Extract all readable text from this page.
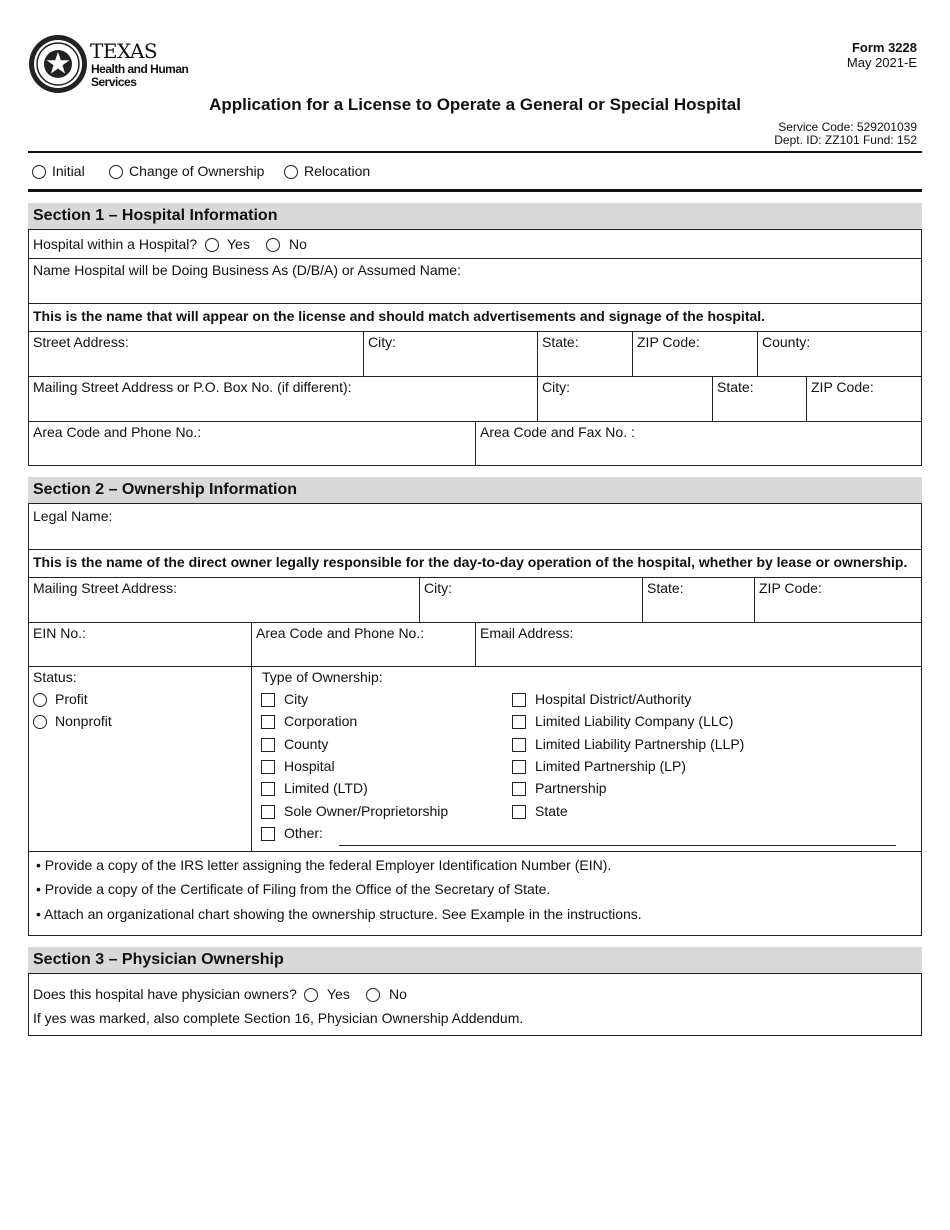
TEXAS
Health and Human
Services
Form 3228
May 2021-E
Application for a License to Operate a General or Special Hospital
Service Code: 529201039
Dept. ID: ZZ101 Fund: 152
Initial	Change of Ownership	Relocation
Section 1 – Hospital Information
Hospital within a Hospital? Yes	No
Name Hospital will be Doing Business As (D/B/A) or Assumed Name:
This is the name that will appear on the license and should match advertisements and signage of the hospital.
Street Address:	City:	State:	ZIP Code:	County:
Mailing Street Address or P.O. Box No. (if different):	City:	State:	ZIP Code:
Area Code and Phone No.:	Area Code and Fax No. :
Section 2 – Ownership Information
Legal Name:
This is the name of the direct owner legally responsible for the day-to-day operation of the hospital, whether by lease or ownership.
Mailing Street Address:	City:	State:	ZIP Code:
EIN No.:	Area Code and Phone No.:	Email Address:
Status:
Profit
Nonprofit
Type of Ownership:
City
Corporation
County
Hospital
Limited (LTD)
Sole Owner/Proprietorship
Other:
Hospital District/Authority
Limited Liability Company (LLC)
Limited Liability Partnership (LLP)
Limited Partnership (LP)
Partnership
State
• Provide a copy of the IRS letter assigning the federal Employer Identification Number (EIN).
• Provide a copy of the Certificate of Filing from the Office of the Secretary of State.
• Attach an organizational chart showing the ownership structure. See Example in the instructions.
Section 3 – Physician Ownership
Does this hospital have physician owners? Yes	No
If yes was marked, also complete Section 16, Physician Ownership Addendum.
